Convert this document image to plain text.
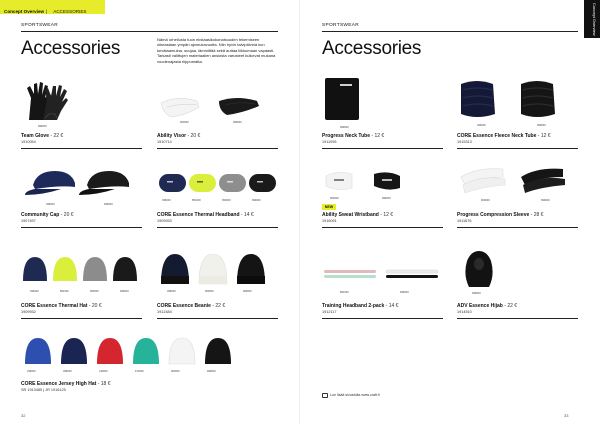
Concept Overview | ACCESSORIES
SPORTSWEAR
Accessories	Nämä urheilusta tuon ekstaasikokonaisuuden tekemiseen oikeastaan ympäri ajomukavuutta. Niin hyvin talvipäivinä kun kevätaamuina, suojaa, lämmittää sekä auttaa liikkumaan vapaasti. Tarkasti valittujen materiaalien ansiosta varusteet kulkevat mukana vuodenajasta riippumatta.
999000
900000	999000
Team Glove - 22 €
1910054
Ability Visor - 20 €
1910714
396000	999000
396000	851000	950000	999000
Community Cap - 20 €
1907497
CORE Essence Thermal Headband - 14 €
1909933
396000	851000	950000	999000	396000	900000	999000
CORE Essence Thermal Hat - 20 €
1909932
CORE Essence Beanie - 22 €
1912484
336000	396000	430000	672000	900000	999000
CORE Essence Jersey High Hat - 18 €
SR 1913485 | JR 1916125
32
Concept Overview
SPORTSWEAR
Accessories
999000
396000	999000
Progress Neck Tube - 12 €
1911095
CORE Essence Fleece Neck Tube - 12 €
1915313
900000	999000
900000	999000
NEW
Ability Sweat Wristband - 12 €
1916091
Progress Compression Sleeve - 28 €
1911676
851900	999000	999000
Training Headband 2-pack - 14 €
1912117
ADV Essence Hijab - 22 €
1914510
Lue lisää sivustolta www.craft.fi
33
